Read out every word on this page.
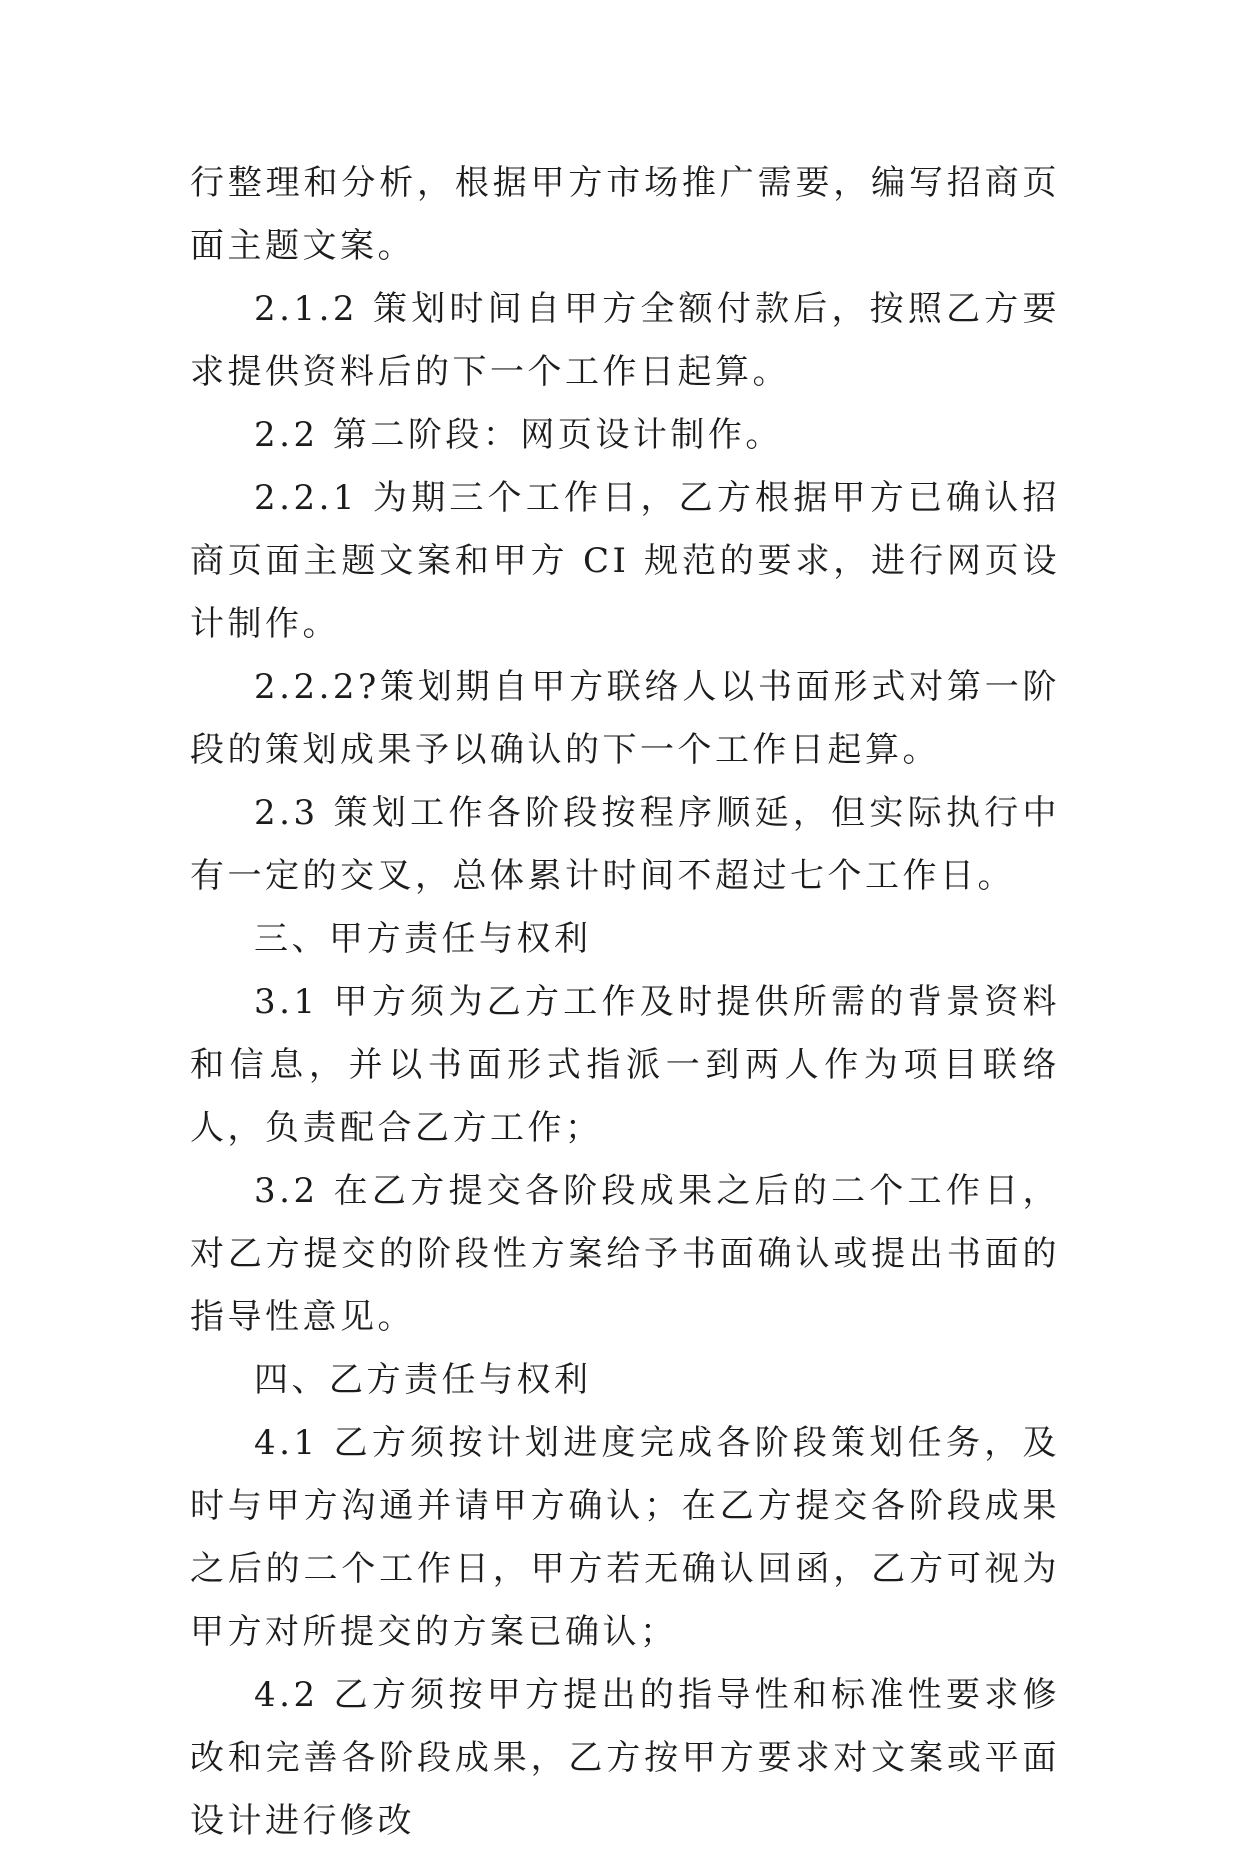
行整理和分析，根据甲方市场推广需要，编写招商页面主题文案。

2.1.2 策划时间自甲方全额付款后，按照乙方要求提供资料后的下一个工作日起算。

2.2 第二阶段：网页设计制作。

2.2.1 为期三个工作日，乙方根据甲方已确认招商页面主题文案和甲方 CI 规范的要求，进行网页设计制作。

2.2.2?策划期自甲方联络人以书面形式对第一阶段的策划成果予以确认的下一个工作日起算。

2.3 策划工作各阶段按程序顺延，但实际执行中有一定的交叉，总体累计时间不超过七个工作日。

三、甲方责任与权利

3.1 甲方须为乙方工作及时提供所需的背景资料和信息，并以书面形式指派一到两人作为项目联络人，负责配合乙方工作；

3.2 在乙方提交各阶段成果之后的二个工作日，对乙方提交的阶段性方案给予书面确认或提出书面的指导性意见。

四、乙方责任与权利

4.1 乙方须按计划进度完成各阶段策划任务，及时与甲方沟通并请甲方确认；在乙方提交各阶段成果之后的二个工作日，甲方若无确认回函，乙方可视为甲方对所提交的方案已确认；

4.2 乙方须按甲方提出的指导性和标准性要求修改和完善各阶段成果，乙方按甲方要求对文案或平面设计进行修改
